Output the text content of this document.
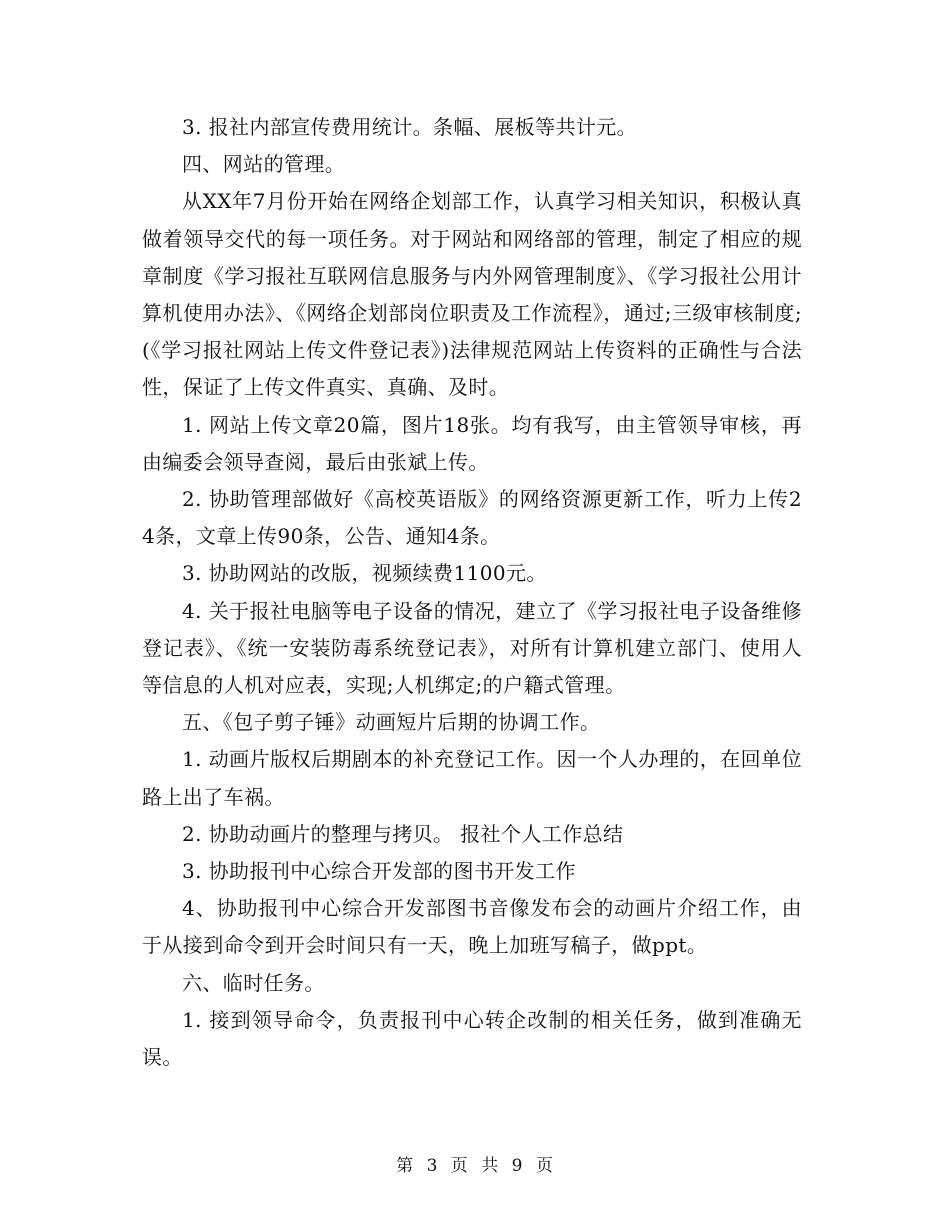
3. 报社内部宣传费用统计。条幅、展板等共计元。

四、网站的管理。

从XX年7月份开始在网络企划部工作，认真学习相关知识，积极认真做着领导交代的每一项任务。对于网站和网络部的管理，制定了相应的规章制度《学习报社互联网信息服务与内外网管理制度》、《学习报社公用计算机使用办法》、《网络企划部岗位职责及工作流程》，通过;三级审核制度;(《学习报社网站上传文件登记表》)法律规范网站上传资料的正确性与合法性，保证了上传文件真实、真确、及时。

1. 网站上传文章20篇，图片18张。均有我写，由主管领导审核，再由编委会领导查阅，最后由张斌上传。

2. 协助管理部做好《高校英语版》的网络资源更新工作，听力上传24条，文章上传90条，公告、通知4条。

3. 协助网站的改版，视频续费1100元。

4. 关于报社电脑等电子设备的情况，建立了《学习报社电子设备维修登记表》、《统一安装防毒系统登记表》，对所有计算机建立部门、使用人等信息的人机对应表，实现;人机绑定;的户籍式管理。

五、《包子剪子锤》动画短片后期的协调工作。

1. 动画片版权后期剧本的补充登记工作。因一个人办理的，在回单位路上出了车祸。

2. 协助动画片的整理与拷贝。 报社个人工作总结

3. 协助报刊中心综合开发部的图书开发工作

4、协助报刊中心综合开发部图书音像发布会的动画片介绍工作，由于从接到命令到开会时间只有一天，晚上加班写稿子，做ppt。

六、临时任务。

1. 接到领导命令，负责报刊中心转企改制的相关任务，做到准确无误。

第 3 页 共 9 页
